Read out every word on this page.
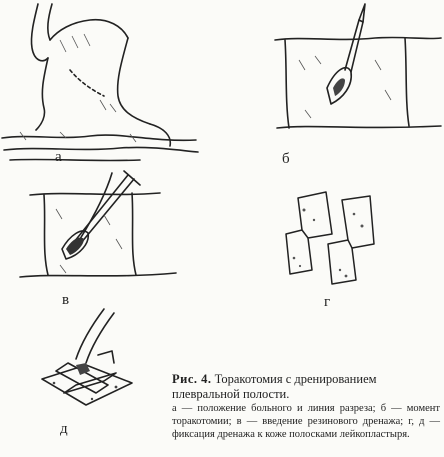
а	б
в	г
д
Рис. 4. Торакотомия с дренированием плевральной полости.
а — положение больного и линия разреза; б — момент торакотомии; в — введение резинового дренажа; г, д — фиксация дренажа к коже полосками лейкопластыря.
